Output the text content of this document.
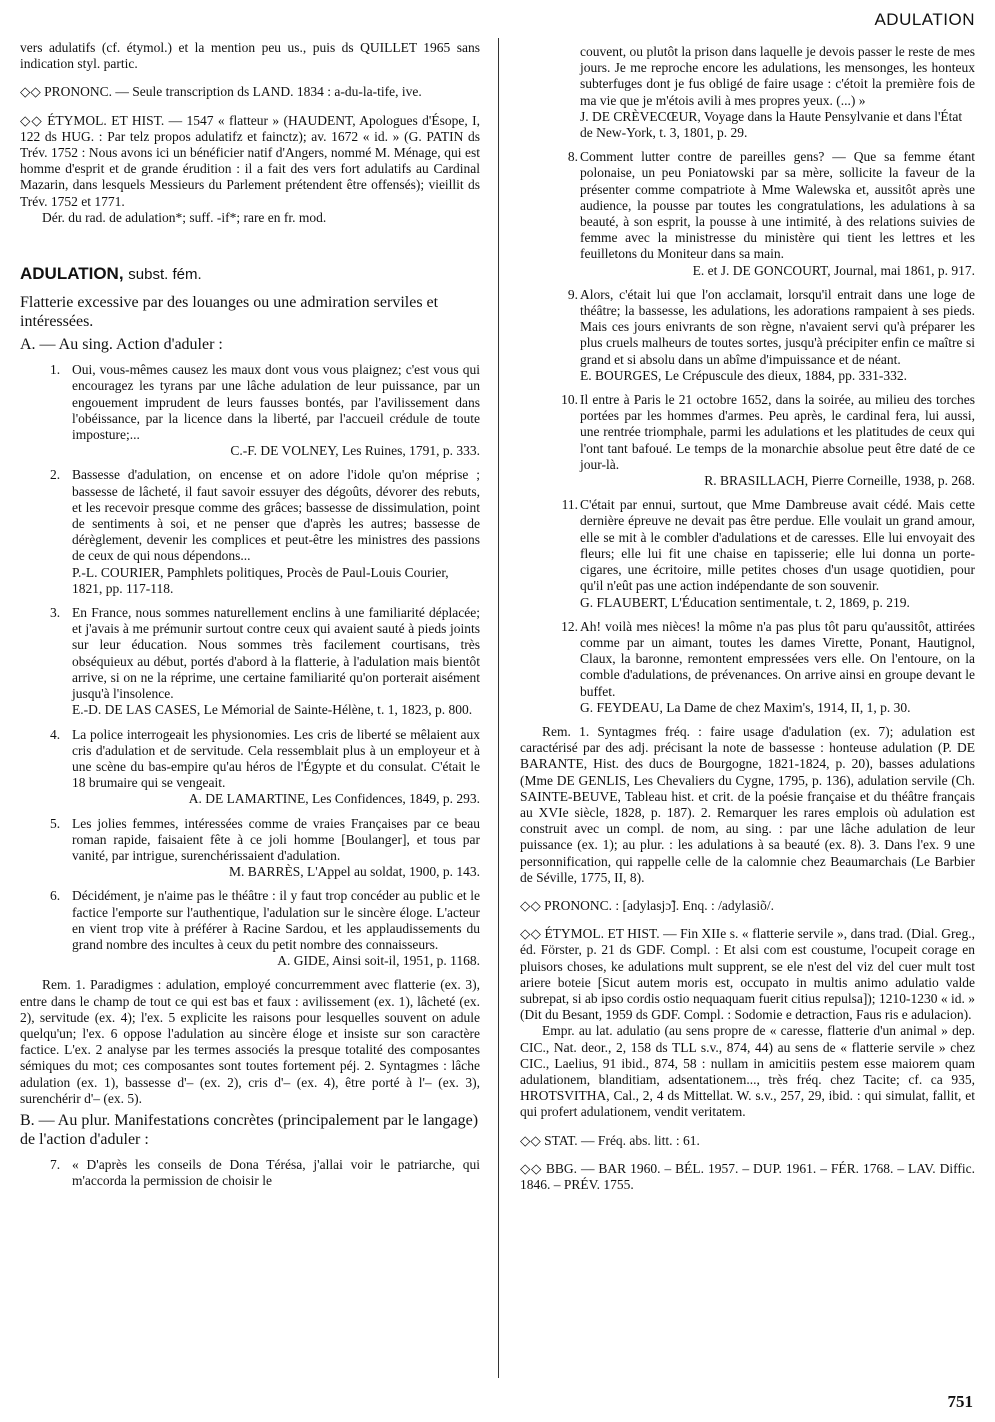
ADULATION

vers adulatifs (cf. étymol.) et la mention peu us., puis ds QUILLET 1965 sans indication styl. partic.

◇◇ PRONONC. — Seule transcription ds LAND. 1834 : a-du-la-tife, ive.

◇◇ ÉTYMOL. ET HIST. — 1547 « flatteur » (HAUDENT, Apologues d'Ésope, I, 122 ds HUG. : Par telz propos adulatifz et fainctz); av. 1672 « id. » (G. PATIN ds Trév. 1752 : Nous avons ici un bénéficier natif d'Angers, nommé M. Ménage, qui est homme d'esprit et de grande érudition : il a fait des vers fort adulatifs au Cardinal Mazarin, dans lesquels Messieurs du Parlement prétendent être offensés); vieillit ds Trév. 1752 et 1771.

Dér. du rad. de adulation*; suff. -if*; rare en fr. mod.

ADULATION, subst. fém.

Flatterie excessive par des louanges ou une admiration serviles et intéressées.

A. — Au sing. Action d'aduler :

1. Oui, vous-mêmes causez les maux dont vous vous plaignez; c'est vous qui encouragez les tyrans par une lâche adulation de leur puissance, par un engouement imprudent de leurs fausses bontés, par l'avilissement dans l'obéissance, par la licence dans la liberté, par l'accueil crédule de toute imposture;...

C.-F. DE VOLNEY, Les Ruines, 1791, p. 333.

2. Bassesse d'adulation, on encense et on adore l'idole qu'on méprise ; bassesse de lâcheté, il faut savoir essuyer des dégoûts, dévorer des rebuts, et les recevoir presque comme des grâces; bassesse de dissimulation, point de sentiments à soi, et ne penser que d'après les autres; bassesse de dérèglement, devenir les complices et peut-être les ministres des passions de ceux de qui nous dépendons...

P.-L. COURIER, Pamphlets politiques, Procès de Paul-Louis Courier, 1821, pp. 117-118.

3. En France, nous sommes naturellement enclins à une familiarité déplacée; et j'avais à me prémunir surtout contre ceux qui avaient sauté à pieds joints sur leur éducation. Nous sommes très facilement courtisans, très obséquieux au début, portés d'abord à la flatterie, à l'adulation mais bientôt arrive, si on ne la réprime, une certaine familiarité qu'on porterait aisément jusqu'à l'insolence.

E.-D. DE LAS CASES, Le Mémorial de Sainte-Hélène, t. 1, 1823, p. 800.

4. La police interrogeait les physionomies. Les cris de liberté se mêlaient aux cris d'adulation et de servitude. Cela ressemblait plus à un employeur et à une scène du bas-empire qu'au héros de l'Égypte et du consulat. C'était le 18 brumaire qui se vengeait.

A. DE LAMARTINE, Les Confidences, 1849, p. 293.

5. Les jolies femmes, intéressées comme de vraies Françaises par ce beau roman rapide, faisaient fête à ce joli homme [Boulanger], et tous par vanité, par intrigue, surenchérissaient d'adulation.

M. BARRÈS, L'Appel au soldat, 1900, p. 143.

6. Décidément, je n'aime pas le théâtre : il y faut trop concéder au public et le factice l'emporte sur l'authentique, l'adulation sur le sincère éloge. L'acteur en vient trop vite à préférer à Racine Sardou, et les applaudissements du grand nombre des incultes à ceux du petit nombre des connaisseurs.

A. GIDE, Ainsi soit-il, 1951, p. 1168.

Rem. 1. Paradigmes : adulation, employé concurremment avec flatterie (ex. 3), entre dans le champ de tout ce qui est bas et faux : avilissement (ex. 1), lâcheté (ex. 2), servitude (ex. 4); l'ex. 5 explicite les raisons pour lesquelles souvent on adule quelqu'un; l'ex. 6 oppose l'adulation au sincère éloge et insiste sur son caractère factice. L'ex. 2 analyse par les termes associés la presque totalité des composantes sémiques du mot; ces composantes sont toutes fortement péj. 2. Syntagmes : lâche adulation (ex. 1), bassesse d'– (ex. 2), cris d'– (ex. 4), être porté à l'– (ex. 3), surenchérir d'– (ex. 5).

B. — Au plur. Manifestations concrètes (principalement par le langage) de l'action d'aduler :

7. « D'après les conseils de Dona Térésa, j'allai voir le patriarche, qui m'accorda la permission de choisir le

couvent, ou plutôt la prison dans laquelle je devois passer le reste de mes jours. Je me reproche encore les adulations, les mensonges, les honteux subterfuges dont je fus obligé de faire usage : c'étoit la première fois de ma vie que je m'étois avili à mes propres yeux. (...) »

J. DE CRÈVECŒUR, Voyage dans la Haute Pensylvanie et dans l'État de New-York, t. 3, 1801, p. 29.

8. Comment lutter contre de pareilles gens? — Que sa femme étant polonaise, un peu Poniatowski par sa mère, sollicite la faveur de la présenter comme compatriote à Mme Walewska et, aussitôt après une audience, la pousse par toutes les congratulations, les adulations à sa beauté, à son esprit, la pousse à une intimité, à des relations suivies de femme avec la ministresse du ministère qui tient les lettres et les feuilletons du Moniteur dans sa main.

E. et J. DE GONCOURT, Journal, mai 1861, p. 917.

9. Alors, c'était lui que l'on acclamait, lorsqu'il entrait dans une loge de théâtre; la bassesse, les adulations, les adorations rampaient à ses pieds. Mais ces jours enivrants de son règne, n'avaient servi qu'à préparer les plus cruels malheurs de toutes sortes, jusqu'à précipiter enfin ce maître si grand et si absolu dans un abîme d'impuissance et de néant.

E. BOURGES, Le Crépuscule des dieux, 1884, pp. 331-332.

10. Il entre à Paris le 21 octobre 1652, dans la soirée, au milieu des torches portées par les hommes d'armes. Peu après, le cardinal fera, lui aussi, une rentrée triomphale, parmi les adulations et les platitudes de ceux qui l'ont tant bafoué. Le temps de la monarchie absolue peut être daté de ce jour-là.

R. BRASILLACH, Pierre Corneille, 1938, p. 268.

11. C'était par ennui, surtout, que Mme Dambreuse avait cédé. Mais cette dernière épreuve ne devait pas être perdue. Elle voulait un grand amour, elle se mit à le combler d'adulations et de caresses. Elle lui envoyait des fleurs; elle lui fit une chaise en tapisserie; elle lui donna un porte-cigares, une écritoire, mille petites choses d'un usage quotidien, pour qu'il n'eût pas une action indépendante de son souvenir.

G. FLAUBERT, L'Éducation sentimentale, t. 2, 1869, p. 219.

12. Ah! voilà mes nièces! la môme n'a pas plus tôt paru qu'aussitôt, attirées comme par un aimant, toutes les dames Virette, Ponant, Hautignol, Claux, la baronne, remontent empressées vers elle. On l'entoure, on la comble d'adulations, de prévenances. On arrive ainsi en groupe devant le buffet.

G. FEYDEAU, La Dame de chez Maxim's, 1914, II, 1, p. 30.

Rem. 1. Syntagmes fréq. : faire usage d'adulation (ex. 7); adulation est caractérisé par des adj. précisant la note de bassesse : honteuse adulation (P. DE BARANTE, Hist. des ducs de Bourgogne, 1821-1824, p. 20), basses adulations (Mme DE GENLIS, Les Chevaliers du Cygne, 1795, p. 136), adulation servile (Ch. SAINTE-BEUVE, Tableau hist. et crit. de la poésie française et du théâtre français au XVIe siècle, 1828, p. 187). 2. Remarquer les rares emplois où adulation est construit avec un compl. de nom, au sing. : par une lâche adulation de leur puissance (ex. 1); au plur. : les adulations à sa beauté (ex. 8). 3. Dans l'ex. 9 une personnification, qui rappelle celle de la calomnie chez Beaumarchais (Le Barbier de Séville, 1775, II, 8).

◇◇ PRONONC. : [adylasjɔ̃]. Enq. : /adylasiõ/.

◇◇ ÉTYMOL. ET HIST. — Fin XIIe s. « flatterie servile », dans trad. (Dial. Greg., éd. Förster, p. 21 ds GDF. Compl. : Et alsi com est coustume, l'ocupeit corage en pluisors choses, ke adulations mult supprent, se ele n'est del viz del cuer mult tost ariere boteie [Sicut autem moris est, occupato in multis animo adulatio valde subrepat, si ab ipso cordis ostio nequaquam fuerit citius repulsa]); 1210-1230 « id. » (Dit du Besant, 1959 ds GDF. Compl. : Sodomie e detraction, Faus ris e adulacion).

Empr. au lat. adulatio (au sens propre de « caresse, flatterie d'un animal » dep. CIC., Nat. deor., 2, 158 ds TLL s.v., 874, 44) au sens de « flatterie servile » chez CIC., Laelius, 91 ibid., 874, 58 : nullam in amicitiis pestem esse maiorem quam adulationem, blanditiam, adsentationem..., très fréq. chez Tacite; cf. ca 935, HROTSVITHA, Cal., 2, 4 ds Mittellat. W. s.v., 257, 29, ibid. : qui simulat, fallit, et qui profert adulationem, vendit veritatem.

◇◇ STAT. — Fréq. abs. litt. : 61.

◇◇ BBG. — BAR 1960. – BÉL. 1957. – DUP. 1961. – FÉR. 1768. – LAV. Diffic. 1846. – PRÉV. 1755.

751
